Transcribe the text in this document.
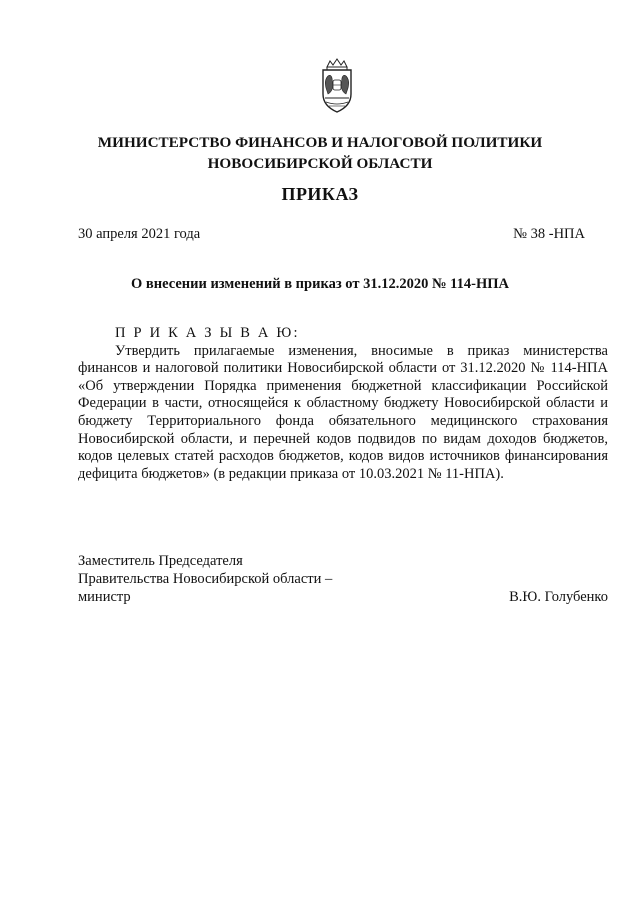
МИНИСТЕРСТВО ФИНАНСОВ И НАЛОГОВОЙ ПОЛИТИКИ
НОВОСИБИРСКОЙ ОБЛАСТИ
ПРИКАЗ
30 апреля 2021 года	№ 38 -НПА
О внесении изменений в приказ от 31.12.2020 № 114-НПА
П Р И К А З Ы В А Ю:
Утвердить прилагаемые изменения, вносимые в приказ министерства финансов и налоговой политики Новосибирской области от 31.12.2020 № 114-НПА «Об утверждении Порядка применения бюджетной классификации Российской Федерации в части, относящейся к областному бюджету Новосибирской области и бюджету Территориального фонда обязательного медицинского страхования Новосибирской области, и перечней кодов подвидов по видам доходов бюджетов, кодов целевых статей расходов бюджетов, кодов видов источников финансирования дефицита бюджетов» (в редакции приказа от 10.03.2021 № 11-НПА).
Заместитель Председателя
Правительства Новосибирской области –
министр	В.Ю. Голубенко
